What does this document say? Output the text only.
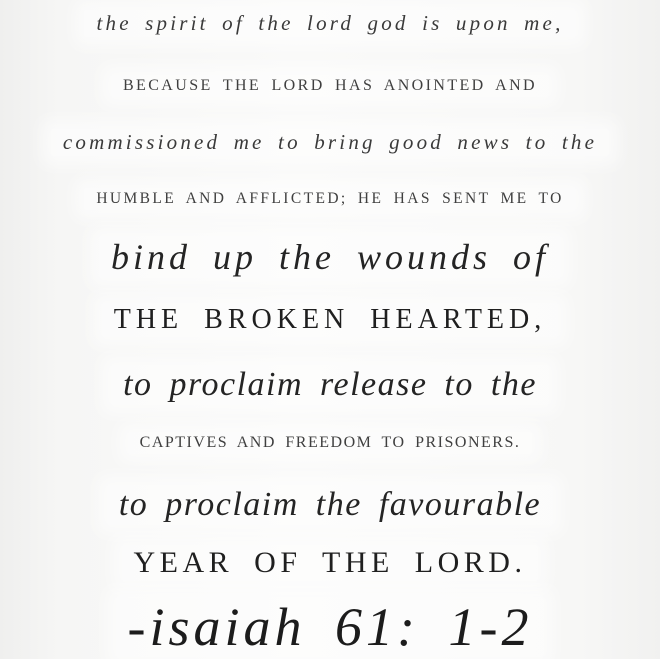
the spirit of the lord god is upon me,
BECAUSE THE LORD HAS ANOINTED AND
commissioned me to bring good news to the
HUMBLE AND AFFLICTED; HE HAS SENT ME TO
bind up the wounds of
THE BROKEN HEARTED,
to proclaim release to the
CAPTIVES AND FREEDOM TO PRISONERS.
to proclaim the favourable
YEAR OF THE LORD.
-isaiah 61: 1-2
